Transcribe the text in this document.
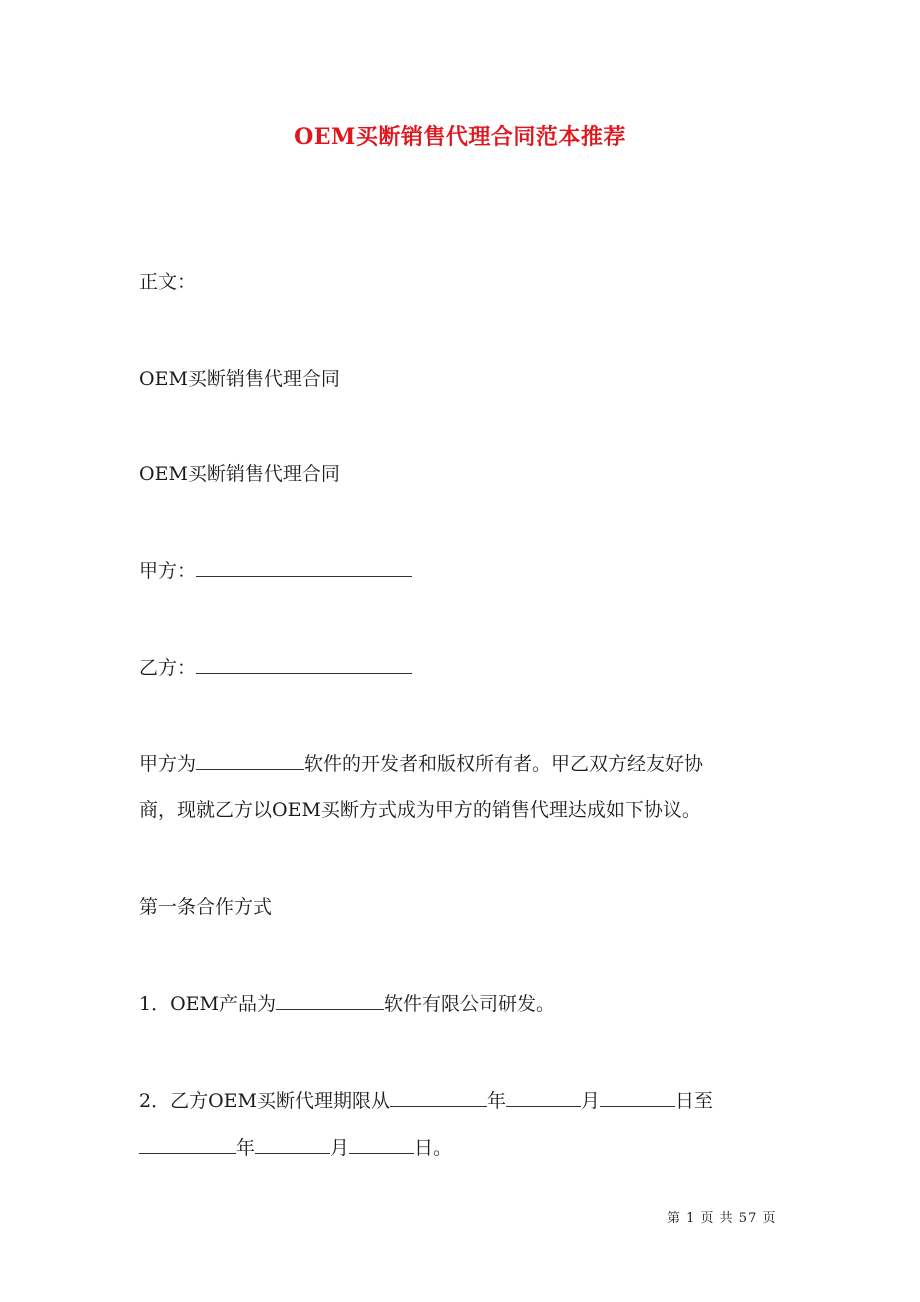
OEM买断销售代理合同范本推荐
正文：
OEM买断销售代理合同
OEM买断销售代理合同
甲方：
乙方：
甲方为	软件的开发者和版权所有者。甲乙双方经友好协
商，现就乙方以OEM买断方式成为甲方的销售代理达成如下协议。
第一条合作方式
1．OEM产品为	软件有限公司研发。
2．乙方OEM买断代理期限从	年	月	日至
年	月	日。
第 1 页 共 57 页
